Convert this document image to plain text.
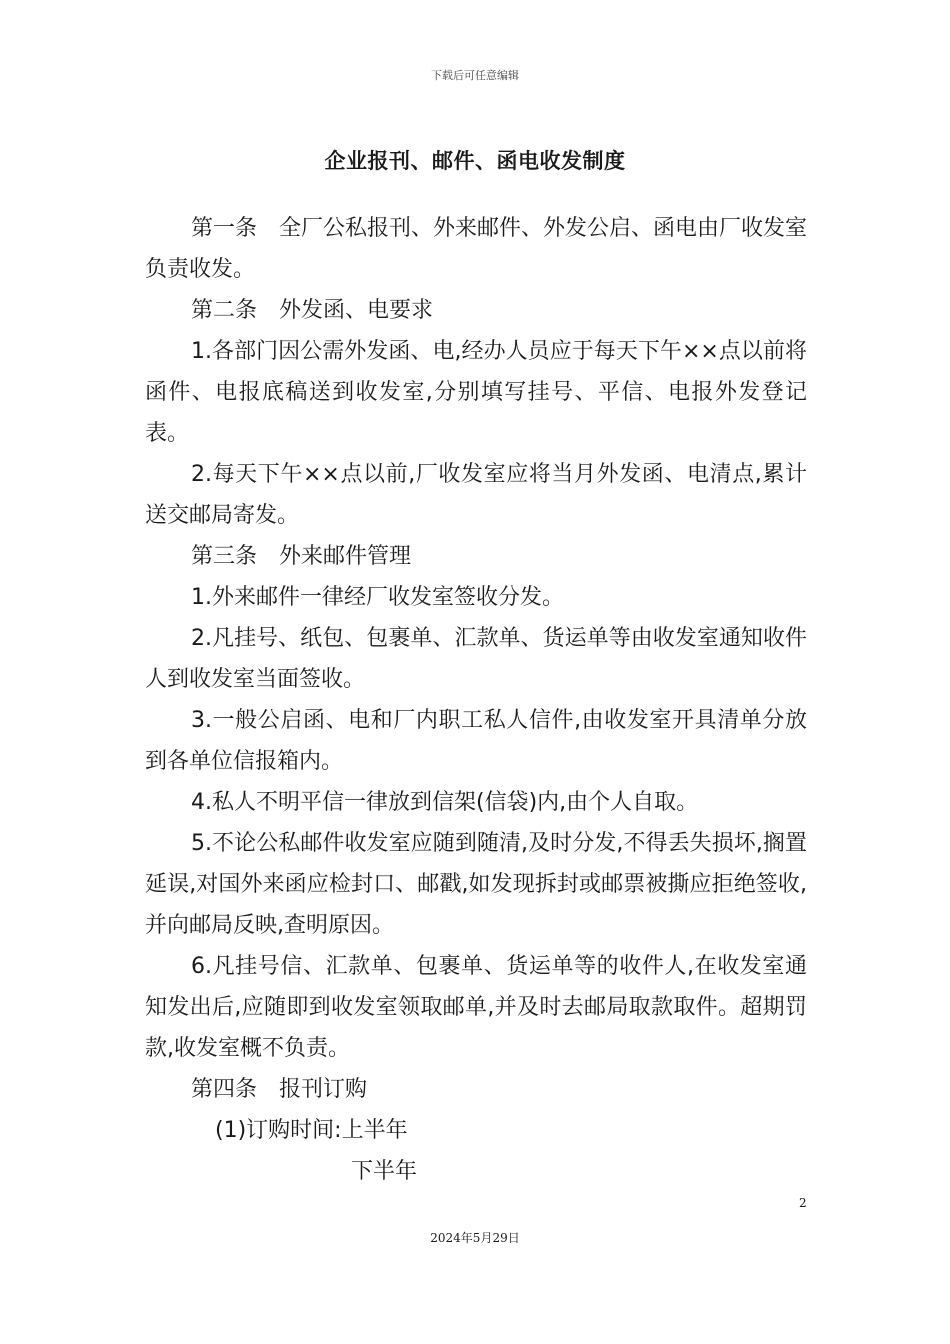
下载后可任意编辑
企业报刊、邮件、函电收发制度

第一条　全厂公私报刊、外来邮件、外发公启、函电由厂收发室负责收发。

第二条　外发函、电要求

1.各部门因公需外发函、电,经办人员应于每天下午××点以前将函件、电报底稿送到收发室,分别填写挂号、平信、电报外发登记表。

2.每天下午××点以前,厂收发室应将当月外发函、电清点,累计送交邮局寄发。

第三条　外来邮件管理

1.外来邮件一律经厂收发室签收分发。

2.凡挂号、纸包、包裹单、汇款单、货运单等由收发室通知收件人到收发室当面签收。

3.一般公启函、电和厂内职工私人信件,由收发室开具清单分放到各单位信报箱内。

4.私人不明平信一律放到信架(信袋)内,由个人自取。

5.不论公私邮件收发室应随到随清,及时分发,不得丢失损坏,搁置延误,对国外来函应检封口、邮戳,如发现拆封或邮票被撕应拒绝签收,并向邮局反映,查明原因。

6.凡挂号信、汇款单、包裹单、货运单等的收件人,在收发室通知发出后,应随即到收发室领取邮单,并及时去邮局取款取件。超期罚款,收发室概不负责。

第四条　报刊订购

(1)订购时间:上半年

下半年

2
2024年5月29日
